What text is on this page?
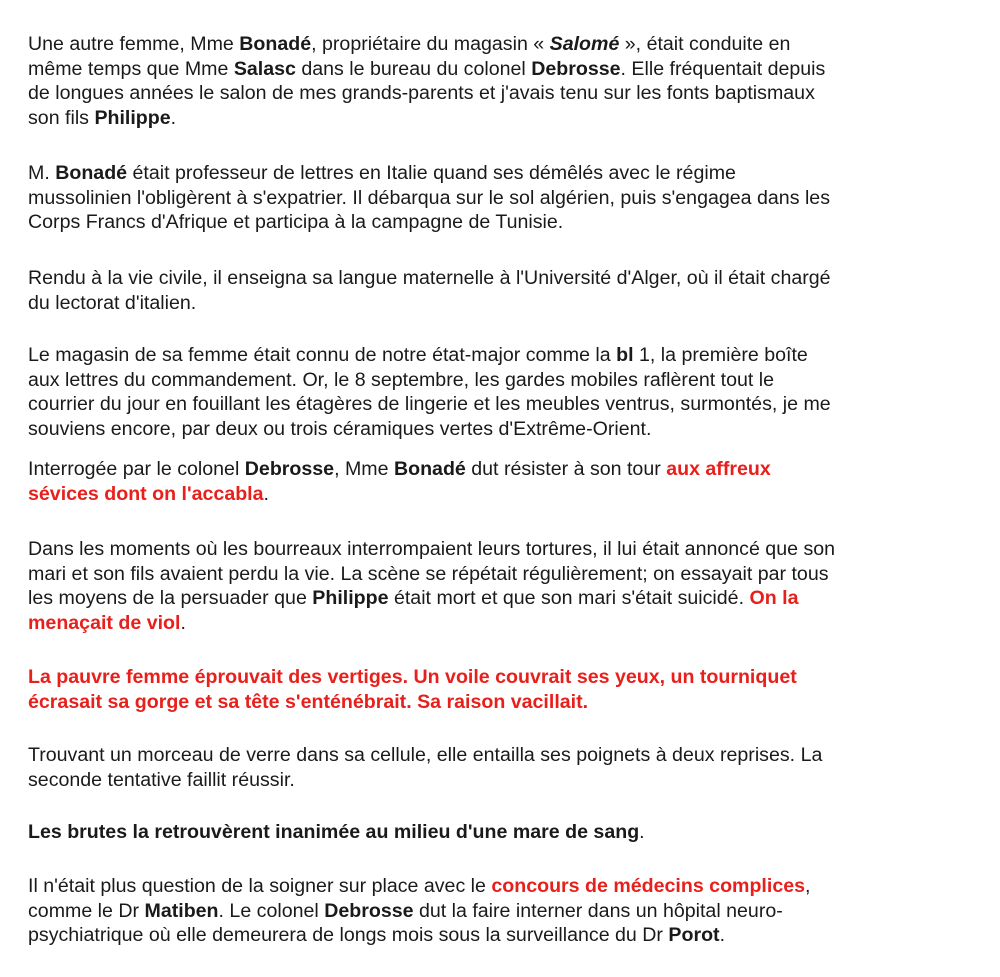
Une autre femme, Mme Bonadé, propriétaire du magasin « Salomé », était conduite en
même temps que Mme Salasc dans le bureau du colonel Debrosse. Elle fréquentait depuis
de longues années le salon de mes grands-parents et j'avais tenu sur les fonts baptismaux
son fils Philippe.

M. Bonadé était professeur de lettres en Italie quand ses démêlés avec le régime
mussolinien l'obligèrent à s'expatrier. Il débarqua sur le sol algérien, puis s'engagea dans les
Corps Francs d'Afrique et participa à la campagne de Tunisie.

Rendu à la vie civile, il enseigna sa langue maternelle à l'Université d'Alger, où il était chargé
du lectorat d'italien.

Le magasin de sa femme était connu de notre état-major comme la bl 1, la première boîte
aux lettres du commandement. Or, le 8 septembre, les gardes mobiles raflèrent tout le
courrier du jour en fouillant les étagères de lingerie et les meubles ventrus, surmontés, je me
souviens encore, par deux ou trois céramiques vertes d'Extrême-Orient.

Interrogée par le colonel Debrosse, Mme Bonadé dut résister à son tour aux affreux
sévices dont on l'accabla.

Dans les moments où les bourreaux interrompaient leurs tortures, il lui était annoncé que son
mari et son fils avaient perdu la vie. La scène se répétait régulièrement; on essayait par tous
les moyens de la persuader que Philippe était mort et que son mari s'était suicidé. On la
menaçait de viol.

La pauvre femme éprouvait des vertiges. Un voile couvrait ses yeux, un tourniquet
écrasait sa gorge et sa tête s'enténébrait. Sa raison vacillait.

Trouvant un morceau de verre dans sa cellule, elle entailla ses poignets à deux reprises. La
seconde tentative faillit réussir.

Les brutes la retrouvèrent inanimée au milieu d'une mare de sang.

Il n'était plus question de la soigner sur place avec le concours de médecins complices,
comme le Dr Matiben. Le colonel Debrosse dut la faire interner dans un hôpital neuro-
psychiatrique où elle demeurera de longs mois sous la surveillance du Dr Porot.
